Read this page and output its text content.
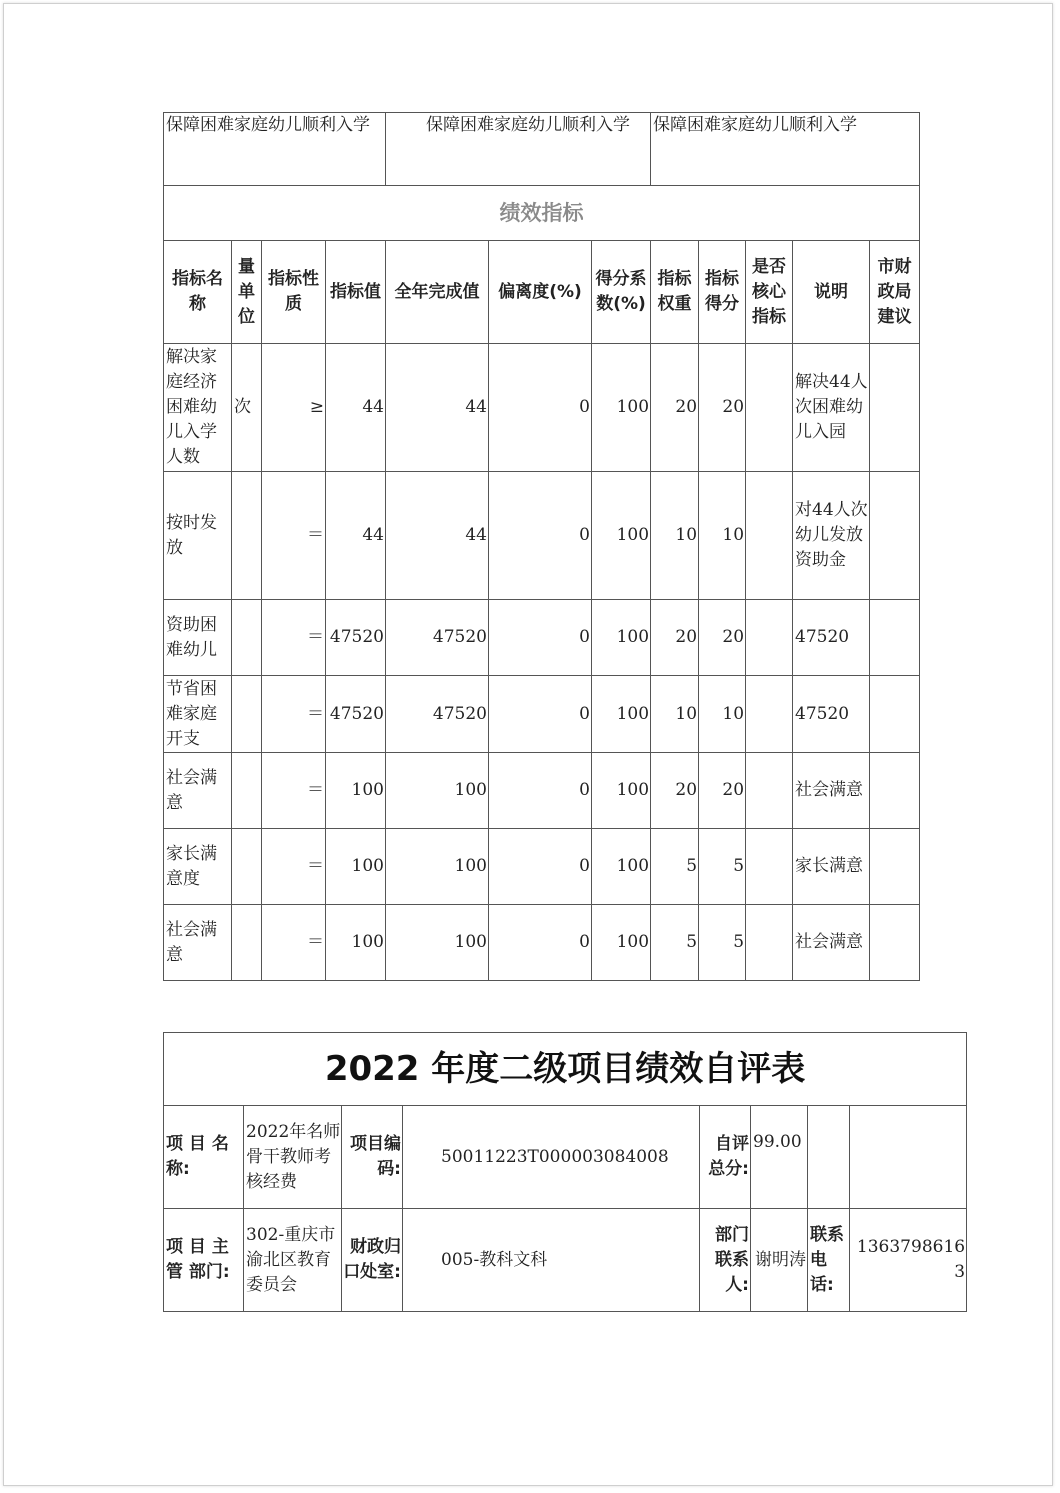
保障困难家庭幼儿顺利入学				保障困难家庭幼儿顺利入学			保障困难家庭幼儿顺利入学				
绩效指标											
指标名称	量单位	指标性质	指标值	全年完成值	偏离度(%)	得分系数(%)	指标权重	指标得分	是否核心指标	说明	市财政局建议
解决家庭经济困难幼儿入学人数	次	≥	44	44	0	100	20	20		解决44人次困难幼儿入园	
按时发放		＝	44	44	0	100	10	10		对44人次幼儿发放资助金	
资助困难幼儿		＝	47520	47520	0	100	20	20		47520	
节省困难家庭开支		＝	47520	47520	0	100	10	10		47520	
社会满意		＝	100	100	0	100	20	20		社会满意	
家长满意度		＝	100	100	0	100	5	5		家长满意	
社会满意		＝	100	100	0	100	5	5		社会满意	
2022 年度二级项目绩效自评表							
项 目 名称:	2022年名师骨干教师考核经费	项目编码:	50011223T000003084008	自评总分:	99.00		
项 目 主管 部门:	302-重庆市渝北区教育委员会	财政归口处室:	005-教科文科	部门联系人:	谢明涛	联系电话:	13637986163
